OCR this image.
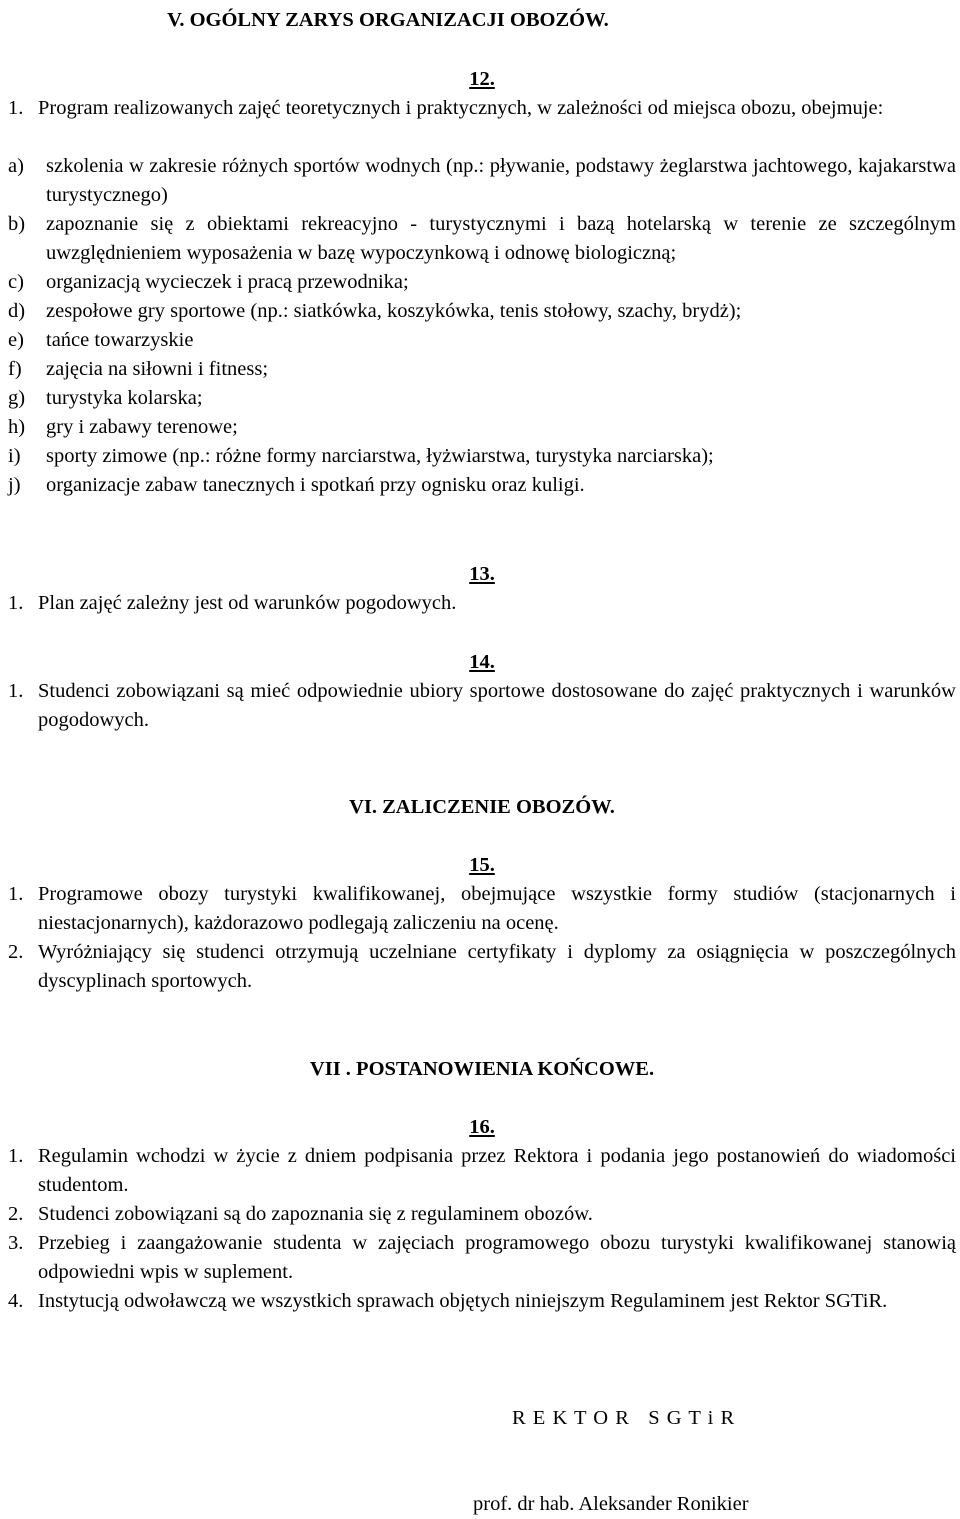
V. OGÓLNY ZARYS ORGANIZACJI OBOZÓW.

12.

1. Program realizowanych zajęć teoretycznych i praktycznych, w zależności od miejsca obozu, obejmuje:
a)	szkolenia w zakresie różnych sportów wodnych (np.: pływanie, podstawy żeglarstwa jachtowego, kajakarstwa turystycznego)
b)	zapoznanie się z obiektami rekreacyjno - turystycznymi i bazą hotelarską w terenie ze szczególnym uwzględnieniem wyposażenia w bazę wypoczynkową i odnowę biologiczną;
c)	organizacją wycieczek i pracą przewodnika;
d)	zespołowe gry sportowe (np.: siatkówka, koszykówka, tenis stołowy, szachy, brydż);
e)	tańce towarzyskie
f)	zajęcia na siłowni i fitness;
g)	turystyka kolarska;
h)	gry i zabawy terenowe;
i)	sporty zimowe (np.: różne formy narciarstwa, łyżwiarstwa, turystyka narciarska);
j)	organizacje zabaw tanecznych i spotkań przy ognisku oraz kuligi.

13.

1. Plan zajęć zależny jest od warunków pogodowych.

14.

1. Studenci zobowiązani są mieć odpowiednie ubiory sportowe dostosowane do zajęć praktycznych i warunków pogodowych.

VI. ZALICZENIE OBOZÓW.

15.

1. Programowe obozy turystyki kwalifikowanej, obejmujące wszystkie formy studiów (stacjonarnych i niestacjonarnych), każdorazowo podlegają zaliczeniu na ocenę.
2. Wyróżniający się studenci otrzymują uczelniane certyfikaty i dyplomy za osiągnięcia w poszczególnych dyscyplinach sportowych.

VII . POSTANOWIENIA KOŃCOWE.

16.

1. Regulamin wchodzi w życie z dniem podpisania przez Rektora i podania jego postanowień do wiadomości studentom.
2. Studenci zobowiązani są do zapoznania się z regulaminem obozów.
3. Przebieg i zaangażowanie studenta w zajęciach programowego obozu turystyki kwalifikowanej stanowią odpowiedni wpis w suplement.
4. Instytucją odwoławczą we wszystkich sprawach objętych niniejszym Regulaminem jest Rektor SGTiR.
R E K T O R   S G T i R
prof. dr hab. Aleksander Ronikier
